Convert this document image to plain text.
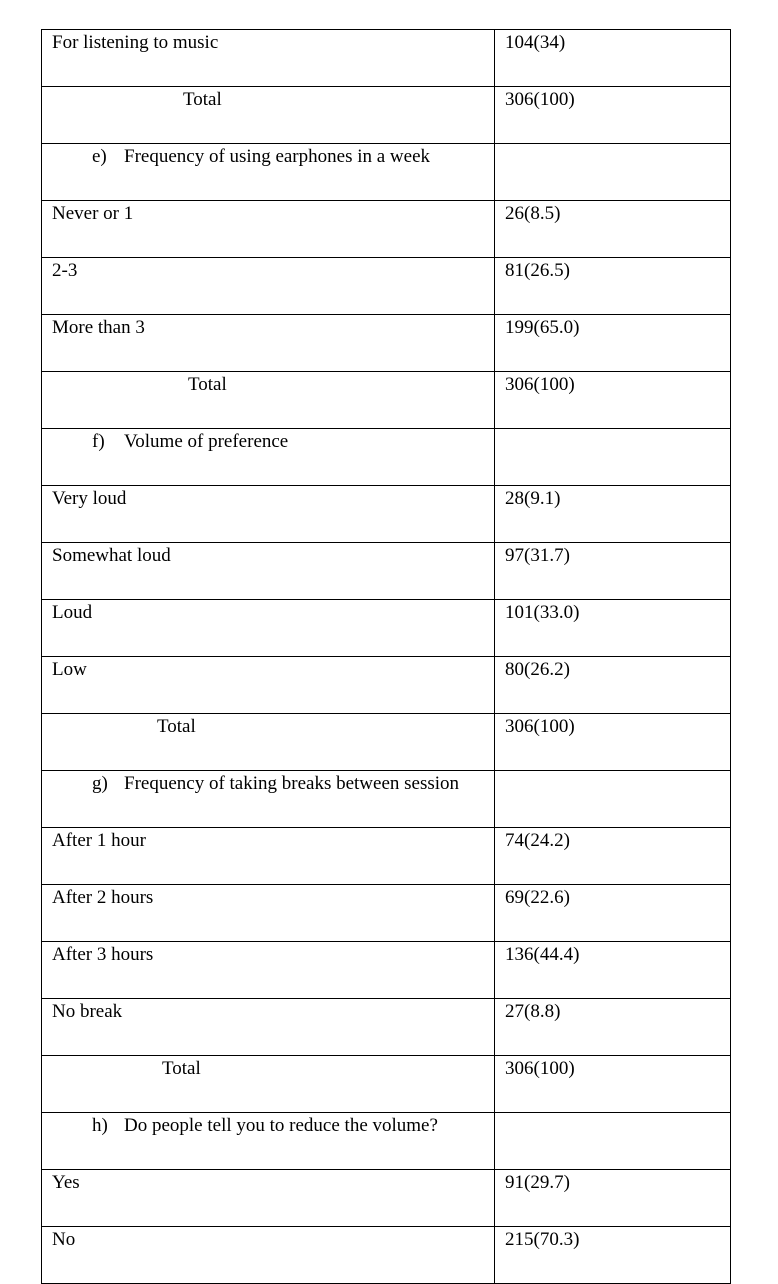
For listening to music	104(34)
Total	306(100)
e) Frequency of using earphones in a week	
Never or 1	26(8.5)
2-3	81(26.5)
More than 3	199(65.0)
Total	306(100)
f) Volume of preference	
Very loud	28(9.1)
Somewhat loud	97(31.7)
Loud	101(33.0)
Low	80(26.2)
Total	306(100)
g) Frequency of taking breaks between session	
After 1 hour	74(24.2)
After 2 hours	69(22.6)
After 3 hours	136(44.4)
No break	27(8.8)
Total	306(100)
h) Do people tell you to reduce the volume?	
Yes	91(29.7)
No	215(70.3)
